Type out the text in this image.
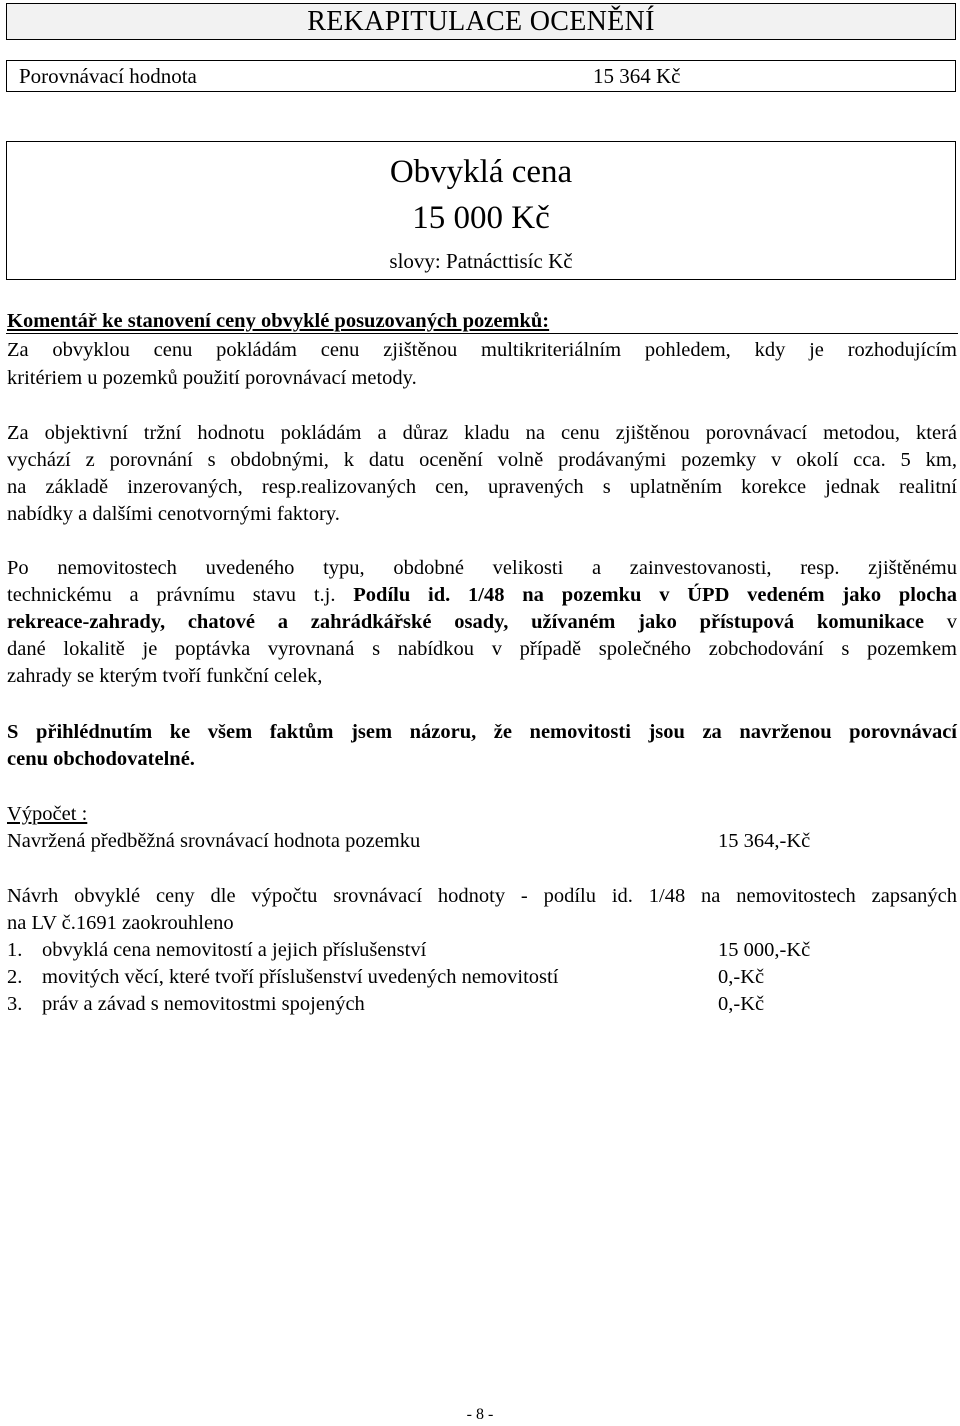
REKAPITULACE OCENĚNÍ
Porovnávací hodnota	15 364 Kč
Obvyklá cena
15 000 Kč
slovy: Patnácttisíc Kč
Komentář ke stanovení ceny obvyklé posuzovaných pozemků:
Za obvyklou cenu pokládám cenu zjištěnou multikriteriálním pohledem, kdy je rozhodujícím
kritériem u pozemků použití porovnávací metody.
Za objektivní tržní hodnotu pokládám a důraz kladu na cenu zjištěnou porovnávací metodou, která
vychází z porovnání s obdobnými, k datu ocenění volně prodávanými pozemky v okolí cca. 5 km,
na základě inzerovaných, resp.realizovaných cen, upravených s uplatněním korekce jednak realitní
nabídky a dalšími cenotvornými faktory.
Po nemovitostech uvedeného typu, obdobné velikosti a zainvestovanosti, resp. zjištěnému
technickému a právnímu stavu t.j. Podílu id. 1/48 na pozemku v ÚPD vedeném jako plocha
rekreace-zahrady, chatové a zahrádkářské osady, užívaném jako přístupová komunikace v
dané lokalitě je poptávka vyrovnaná s nabídkou v případě společného zobchodování s pozemkem
zahrady se kterým tvoří funkční celek,
S přihlédnutím ke všem faktům jsem názoru, že nemovitosti jsou za navrženou porovnávací
cenu obchodovatelné.
Výpočet :
Navržená předběžná srovnávací hodnota pozemku	15 364,-Kč
Návrh obvyklé ceny dle výpočtu srovnávací hodnoty - podílu id. 1/48 na nemovitostech zapsaných
na LV č.1691 zaokrouhleno
1. obvyklá cena nemovitostí a jejich příslušenství	15 000,-Kč
2. movitých věcí, které tvoří příslušenství uvedených nemovitostí	0,-Kč
3. práv a závad s nemovitostmi spojených	0,-Kč
- 8 -
